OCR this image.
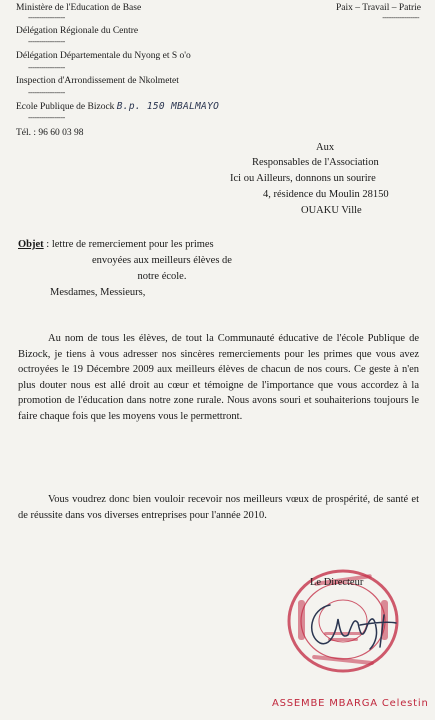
Ministère de l'Education de Base
-----------------
Délégation Régionale du Centre
-----------------
Délégation Départementale du Nyong et S o'o
-----------------
Inspection d'Arrondissement de Nkolmetet
-----------------
Ecole Publique de Bizock B.p. 150 MBALMAYO
-----------------
Tél. : 96 60 03 98
Paix – Travail – Patrie
-----------------
Aux
Responsables de l'Association
Ici ou Ailleurs, donnons un sourire
4, résidence du Moulin 28150
OUAKU Ville
Objet : lettre de remerciement pour les primes
envoyées aux meilleurs élèves de
notre école.
Mesdames, Messieurs,
Au nom de tous les élèves, de tout la Communauté éducative de l'école Publique de Bizock, je tiens à vous adresser nos sincères remerciements pour les primes que vous avez octroyées le 19 Décembre 2009 aux meilleurs élèves de chacun de nos cours. Ce geste à n'en plus douter nous est allé droit au cœur et témoigne de l'importance que vous accordez à la promotion de l'éducation dans notre zone rurale. Nous avons souri et souhaiterions toujours le faire chaque fois que les moyens vous le permettront.
Vous voudrez donc bien vouloir recevoir nos meilleurs vœux de prospérité, de santé et de réussite dans vos diverses entreprises pour l'année 2010.
Le Directeur
ASSEMBE MBARGA Celestin
